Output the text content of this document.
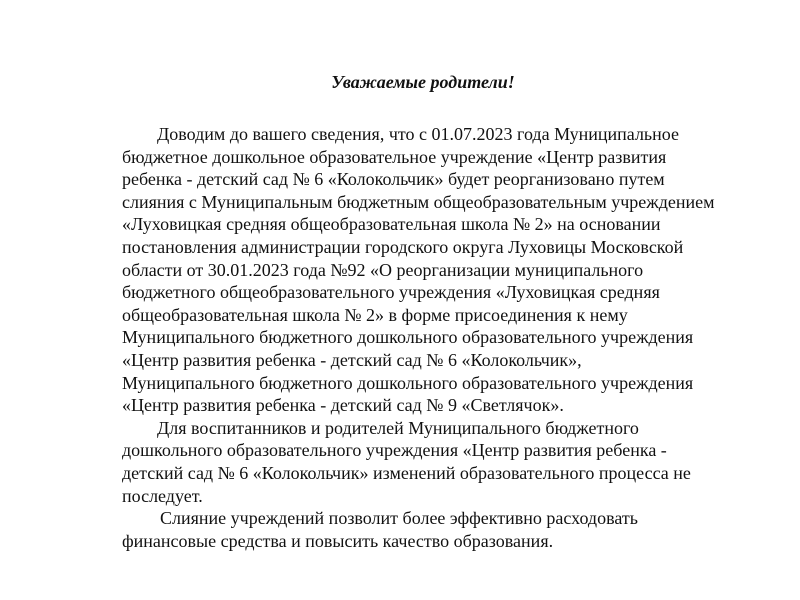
Уважаемые родители!
Доводим до вашего сведения, что с 01.07.2023 года Муниципальное
бюджетное дошкольное образовательное учреждение «Центр развития
ребенка - детский сад № 6 «Колокольчик» будет реорганизовано путем
слияния с Муниципальным бюджетным общеобразовательным учреждением
«Луховицкая средняя общеобразовательная школа № 2» на основании
постановления администрации городского округа Луховицы Московской
области от 30.01.2023 года №92 «О реорганизации муниципального
бюджетного общеобразовательного учреждения «Луховицкая средняя
общеобразовательная школа № 2» в форме присоединения к нему
Муниципального бюджетного дошкольного образовательного учреждения
«Центр развития ребенка - детский сад № 6 «Колокольчик»,
Муниципального бюджетного дошкольного образовательного учреждения
«Центр развития ребенка - детский сад № 9 «Светлячок».
Для воспитанников и родителей Муниципального бюджетного
дошкольного образовательного учреждения «Центр развития ребенка -
детский сад № 6 «Колокольчик» изменений образовательного процесса не
последует.
Слияние учреждений позволит более эффективно расходовать
финансовые средства и повысить качество образования.
